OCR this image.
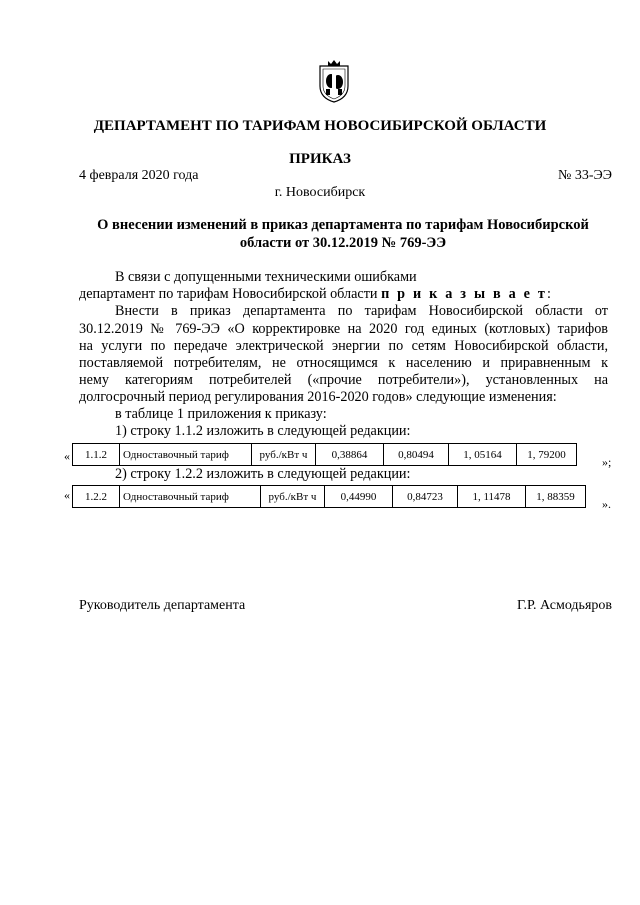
ДЕПАРТАМЕНТ ПО ТАРИФАМ НОВОСИБИРСКОЙ ОБЛАСТИ
ПРИКАЗ
4 февраля 2020 года	№ 33-ЭЭ
г. Новосибирск
О внесении изменений в приказ департамента по тарифам Новосибирской
области от 30.12.2019 № 769-ЭЭ
В связи с допущенными техническими ошибками
департамент по тарифам Новосибирской области п р и к а з ы в а е т:
Внести в приказ департамента по тарифам Новосибирской области от
30.12.2019 № 769-ЭЭ «О корректировке на 2020 год единых (котловых) тарифов
на услуги по передаче электрической энергии по сетям Новосибирской области,
поставляемой потребителям, не относящимся к населению и приравненным к
нему категориям потребителей («прочие потребители»), установленных на
долгосрочный период регулирования 2016-2020 годов» следующие изменения:
в таблице 1 приложения к приказу:
1) строку 1.1.2 изложить в следующей редакции:
« 1.1.2	Одноставочный тариф	руб./кВт ч	0,38864	0,80494	1, 05164	1, 79200
»;
2) строку 1.2.2 изложить в следующей редакции:
« 1.2.2	Одноставочный тариф	руб./кВт ч	0,44990	0,84723	1, 11478	1, 88359
».
Руководитель департамента	Г.Р. Асмодьяров
